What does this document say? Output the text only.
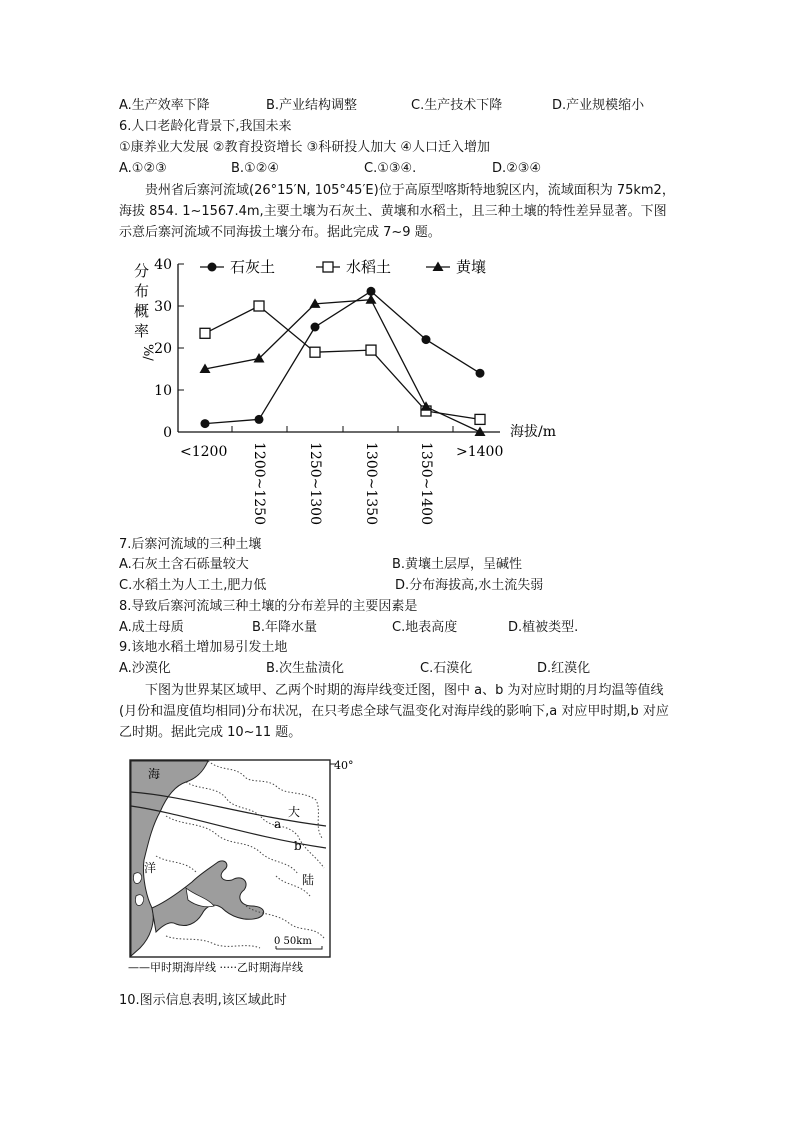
A.生产效率下降	B.产业结构调整	C.生产技术下降	D.产业规模缩小
6.人口老龄化背景下,我国未来
①康养业大发展 ②教育投资增长 ③科研投人加大 ④人口迁入增加
A.①②③	B.①②④	C.①③④.	D.②③④
贵州省后寨河流域(26°15′N, 105°45′E)位于高原型喀斯特地貌区内，流域面积为 75km2，海拔 854. 1~1567.4m,主要土壤为石灰土、黄壤和水稻土，且三种土壤的特性差异显著。下图示意后寨河流域不同海拔土壤分布。据此完成 7~9 题。
0
10
20
30
40
分
布
概
率
%/
海拔/m
<1200 1200~1250	1250~1300	1300~1350	1350~1400 >1400
石灰土	水稻土	黄壤
7.后寨河流域的三种土壤
A.石灰土含石砾量较大	B.黄壤土层厚，呈碱性
C.水稻土为人工土,肥力低	D.分布海拔高,水土流失弱
8.导致后寨河流域三种土壤的分布差异的主要因素是
A.成土母质	B.年降水量	C.地表高度	D.植被类型.
9.该地水稻土增加易引发土地
A.沙漠化	B.次生盐渍化	C.石漠化	D.红漠化
下图为世界某区域甲、乙两个时期的海岸线变迁图，图中 a、b 为对应时期的月均温等值线(月份和温度值均相同)分布状况，在只考虑全球气温变化对海岸线的影响下,a 对应甲时期,b 对应乙时期。据此完成 10~11 题。
40°
海
洋
大
陆
a
b
0 50km
——甲时期海岸线 ·····乙时期海岸线
10.图示信息表明,该区域此时
